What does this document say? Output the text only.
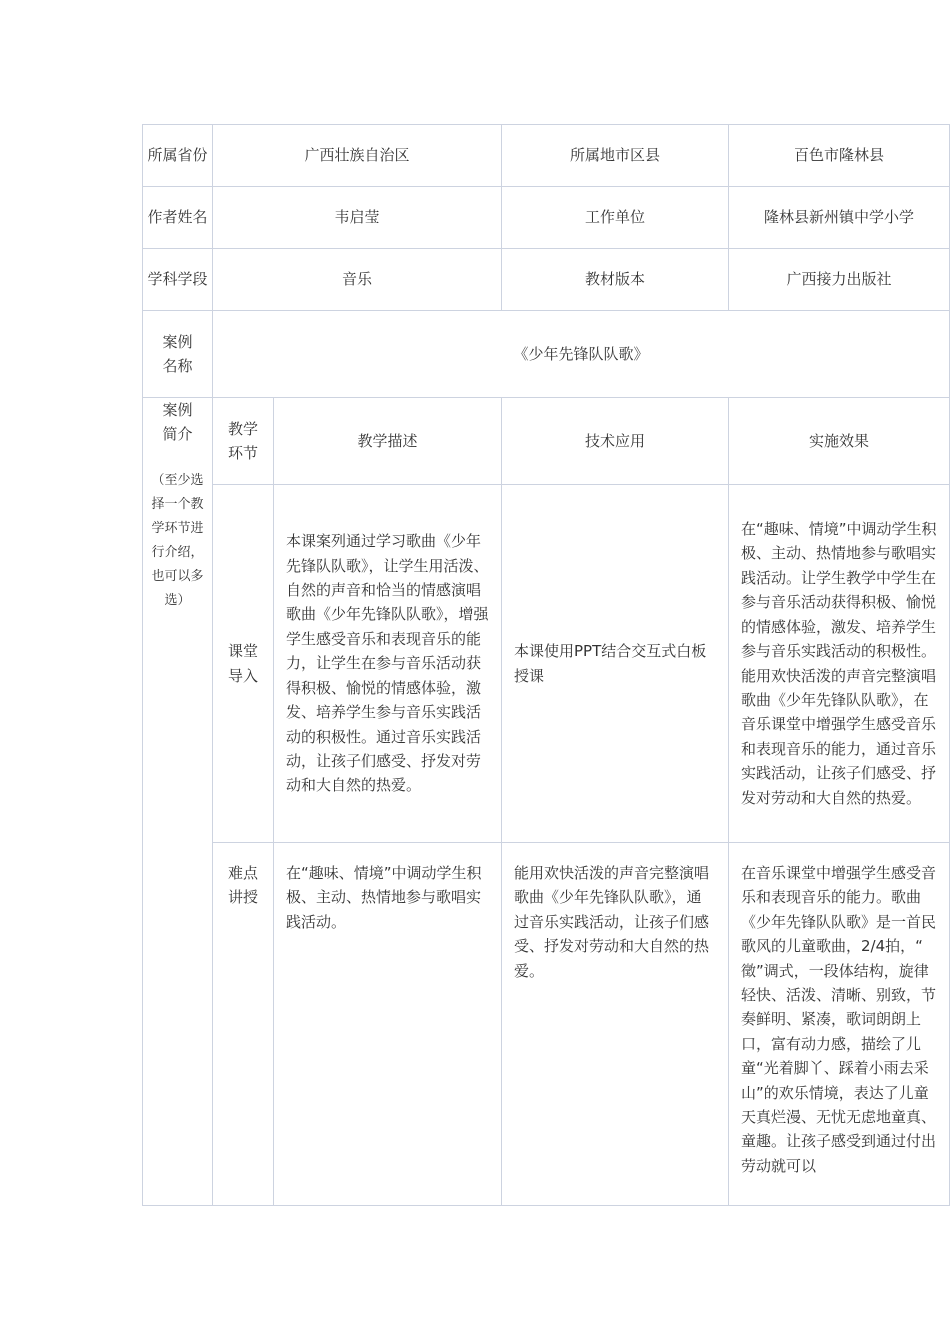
所属省份	广西壮族自治区		所属地市区县	百色市隆林县
作者姓名	韦启莹		工作单位	隆林县新州镇中学小学
学科学段	音乐		教材版本	广西接力出版社
案例名称	《少年先锋队队歌》			

案例简介
（至少选择一个教学环节进行介绍，也可以多选）	教学环节	教学描述	技术应用	实施效果
	课堂导入	本课案列通过学习歌曲《少年先锋队队歌》，让学生用活泼、自然的声音和恰当的情感演唱歌曲《少年先锋队队歌》，增强学生感受音乐和表现音乐的能力，让学生在参与音乐活动获得积极、愉悦的情感体验，激发、培养学生参与音乐实践活动的积极性。通过音乐实践活动，让孩子们感受、抒发对劳动和大自然的热爱。	本课使用PPT结合交互式白板授课	在“趣味、情境”中调动学生积极、主动、热情地参与歌唱实践活动。让学生教学中学生在参与音乐活动获得积极、愉悦的情感体验，激发、培养学生参与音乐实践活动的积极性。能用欢快活泼的声音完整演唱歌曲《少年先锋队队歌》，在音乐课堂中增强学生感受音乐和表现音乐的能力，通过音乐实践活动，让孩子们感受、抒发对劳动和大自然的热爱。

	难点讲授	在“趣味、情境”中调动学生积极、主动、热情地参与歌唱实践活动。	能用欢快活泼的声音完整演唱歌曲《少年先锋队队歌》，通过音乐实践活动，让孩子们感受、抒发对劳动和大自然的热爱。	在音乐课堂中增强学生感受音乐和表现音乐的能力。歌曲《少年先锋队队歌》是一首民歌风的儿童歌曲，2/4拍，“ 徵”调式，一段体结构，旋律轻快、活泼、清晰、别致，节奏鲜明、紧凑，歌词朗朗上口，富有动力感，描绘了儿童“光着脚丫、踩着小雨去采山”的欢乐情境，表达了儿童天真烂漫、无忧无虑地童真、童趣。让孩子感受到通过付出劳动就可以
